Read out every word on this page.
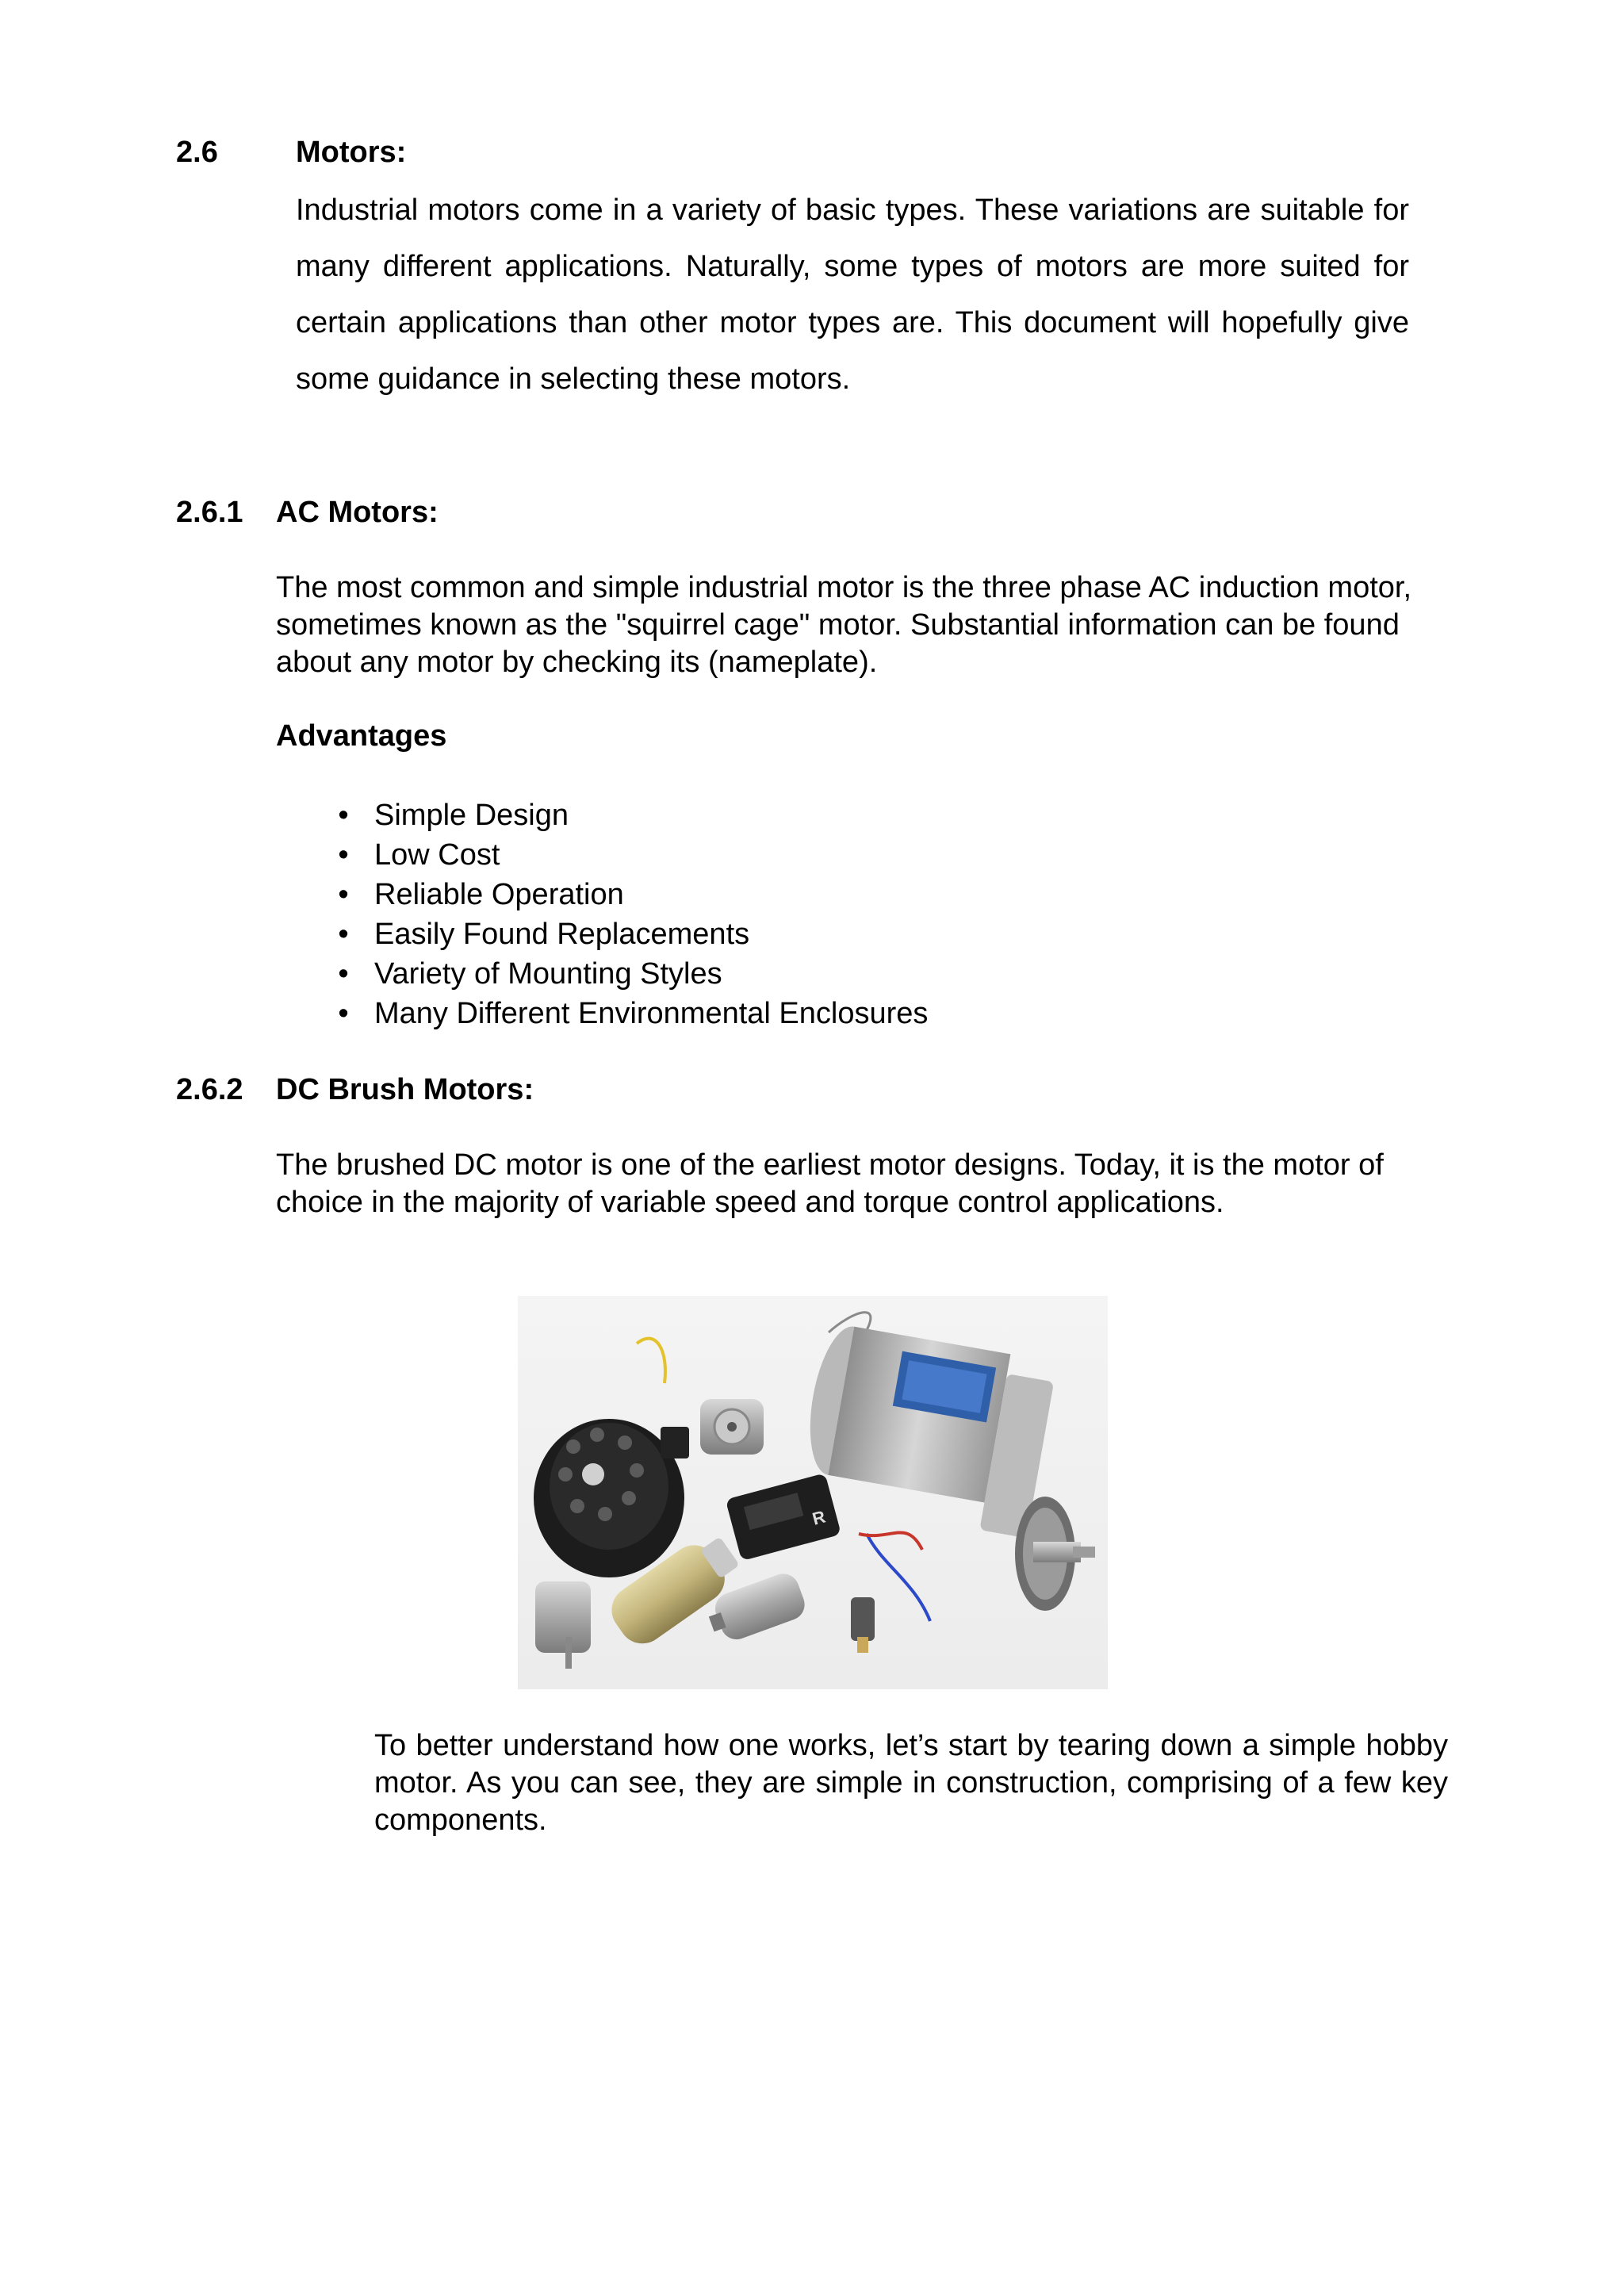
2.6	Motors:

Industrial motors come in a variety of basic types. These variations are suitable for many different applications. Naturally, some types of motors are more suited for certain applications than other motor types are. This document will hopefully give some guidance in selecting these motors.

2.6.1 AC Motors:

The most common and simple industrial motor is the three phase AC induction motor, sometimes known as the "squirrel cage" motor. Substantial information can be found about any motor by checking its (nameplate).

Advantages
• Simple Design
• Low Cost
• Reliable Operation
• Easily Found Replacements
• Variety of Mounting Styles
• Many Different Environmental Enclosures
2.6.2 DC Brush Motors:

The brushed DC motor is one of the earliest motor designs. Today, it is the motor of choice in the majority of variable speed and torque control applications.

R

To better understand how one works, let’s start by tearing down a simple hobby motor. As you can see, they are simple in construction, comprising of a few key components.
